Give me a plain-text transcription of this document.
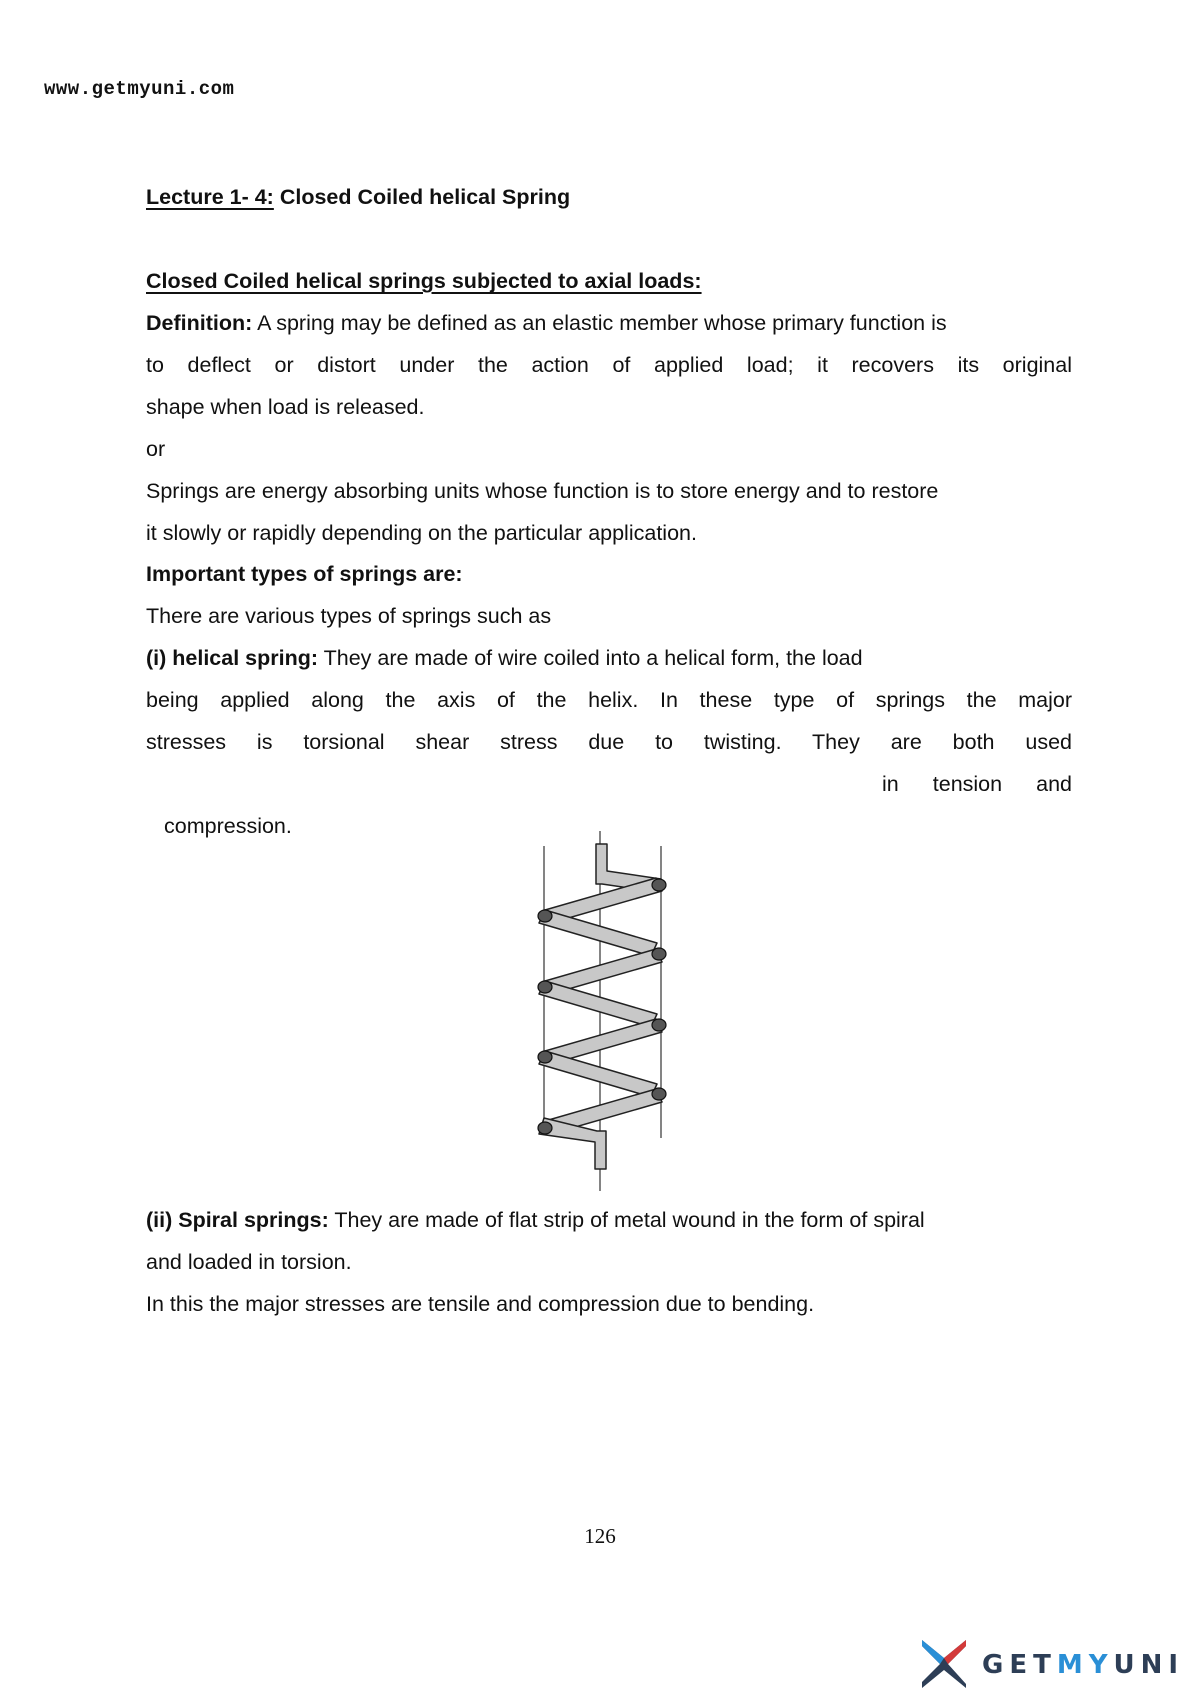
www.getmyuni.com
Lecture 1- 4: Closed Coiled helical Spring
Closed Coiled helical springs subjected to axial loads:
Definition: A spring may be defined as an elastic member whose primary function is
to deflect or distort under the action of applied load; it recovers its original
shape when load is released.
or
Springs are energy absorbing units whose function is to store energy and to restore
it slowly or rapidly depending on the particular application.
Important types of springs are:
There are various types of springs such as
(i) helical spring: They are made of wire coiled into a helical form, the load
being applied along the axis of the helix. In these type of springs the major
stresses is torsional shear stress due to twisting. They are both used
in tension and
compression.
(ii) Spiral springs: They are made of flat strip of metal wound in the form of spiral
and loaded in torsion.
In this the major stresses are tensile and compression due to bending.
126
GETMYUNI
